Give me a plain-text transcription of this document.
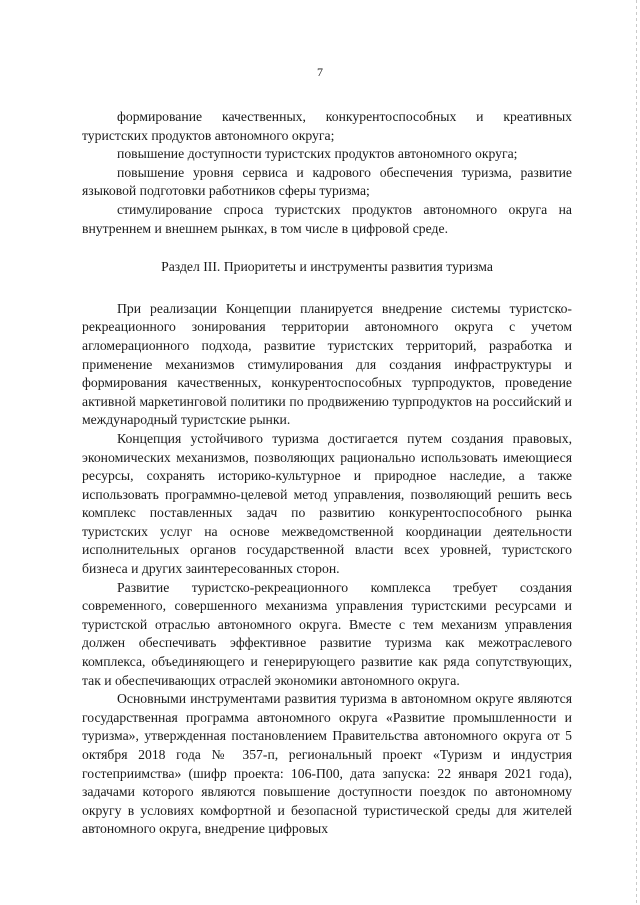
7

формирование качественных, конкурентоспособных и креативных туристских продуктов автономного округа;

повышение доступности туристских продуктов автономного округа;

повышение уровня сервиса и кадрового обеспечения туризма, развитие языковой подготовки работников сферы туризма;

стимулирование спроса туристских продуктов автономного округа на внутреннем и внешнем рынках, в том числе в цифровой среде.

Раздел III. Приоритеты и инструменты развития туризма

При реализации Концепции планируется внедрение системы туристско-рекреационного зонирования территории автономного округа с учетом агломерационного подхода, развитие туристских территорий, разработка и применение механизмов стимулирования для создания инфраструктуры и формирования качественных, конкурентоспособных турпродуктов, проведение активной маркетинговой политики по продвижению турпродуктов на российский и международный туристские рынки.

Концепция устойчивого туризма достигается путем создания правовых, экономических механизмов, позволяющих рационально использовать имеющиеся ресурсы, сохранять историко-культурное и природное наследие, а также использовать программно-целевой метод управления, позволяющий решить весь комплекс поставленных задач по развитию конкурентоспособного рынка туристских услуг на основе межведомственной координации деятельности исполнительных органов государственной власти всех уровней, туристского бизнеса и других заинтересованных сторон.

Развитие туристско-рекреационного комплекса требует создания современного, совершенного механизма управления туристскими ресурсами и туристской отраслью автономного округа. Вместе с тем механизм управления должен обеспечивать эффективное развитие туризма как межотраслевого комплекса, объединяющего и генерирующего развитие как ряда сопутствующих, так и обеспечивающих отраслей экономики автономного округа.

Основными инструментами развития туризма в автономном округе являются государственная программа автономного округа «Развитие промышленности и туризма», утвержденная постановлением Правительства автономного округа от 5 октября 2018 года № 357-п, региональный проект «Туризм и индустрия гостеприимства» (шифр проекта: 106-П00, дата запуска: 22 января 2021 года), задачами которого являются повышение доступности поездок по автономному округу в условиях комфортной и безопасной туристической среды для жителей автономного округа, внедрение цифровых
